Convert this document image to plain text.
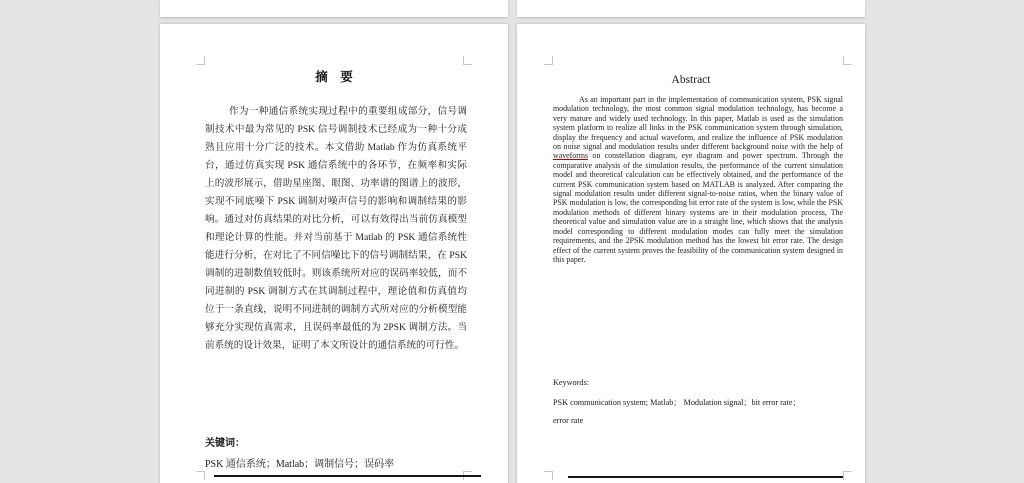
摘　要
作为一种通信系统实现过程中的重要组成部分，信号调制技术中最为常见的 PSK 信号调制技术已经成为一种十分成熟且应用十分广泛的技术。本文借助 Matlab 作为仿真系统平台，通过仿真实现 PSK 通信系统中的各环节，在频率和实际上的波形展示，借助星座图、眼图、功率谱的图谱上的波形，实现不同底噪下 PSK 调制对噪声信号的影响和调制结果的影响。通过对仿真结果的对比分析，可以有效得出当前仿真模型和理论计算的性能。并对当前基于 Matlab 的 PSK 通信系统性能进行分析，在对比了不同信噪比下的信号调制结果，在 PSK 调制的进制数值较低时。则该系统所对应的误码率较低，而不同进制的 PSK 调制方式在其调制过程中，理论值和仿真值均位于一条直线，说明不同进制的调制方式所对应的分析模型能够充分实现仿真需求，且误码率最低的为 2PSK 调制方法。当前系统的设计效果，证明了本文所设计的通信系统的可行性。
关键词：
PSK 通信系统；Matlab；调制信号；误码率
Abstract
As an important part in the implementation of communication system, PSK signal modulation technology, the most common signal modulation technology, has become a very mature and widely used technology. In this paper, Matlab is used as the simulation system platform to realize all links in the PSK communication system through simulation, display the frequency and actual waveform, and realize the influence of PSK modulation on noise signal and modulation results under different background noise with the help of waveforms on constellation diagram, eye diagram and power spectrum. Through the comparative analysis of the simulation results, the performance of the current simulation model and theoretical calculation can be effectively obtained, and the performance of the current PSK communication system based on MATLAB is analyzed. After comparing the signal modulation results under different signal-to-noise ratios, when the binary value of PSK modulation is low, the corresponding bit error rate of the system is low, while the PSK modulation methods of different binary systems are in their modulation process, The theoretical value and simulation value are in a straight line, which shows that the analysis model corresponding to different modulation modes can fully meet the simulation requirements, and the 2PSK modulation method has the lowest bit error rate. The design effect of the current system proves the feasibility of the communication system designed in this paper.
Keywords:
PSK communication system; Matlab； Modulation signal；bit error rate；
error rate
